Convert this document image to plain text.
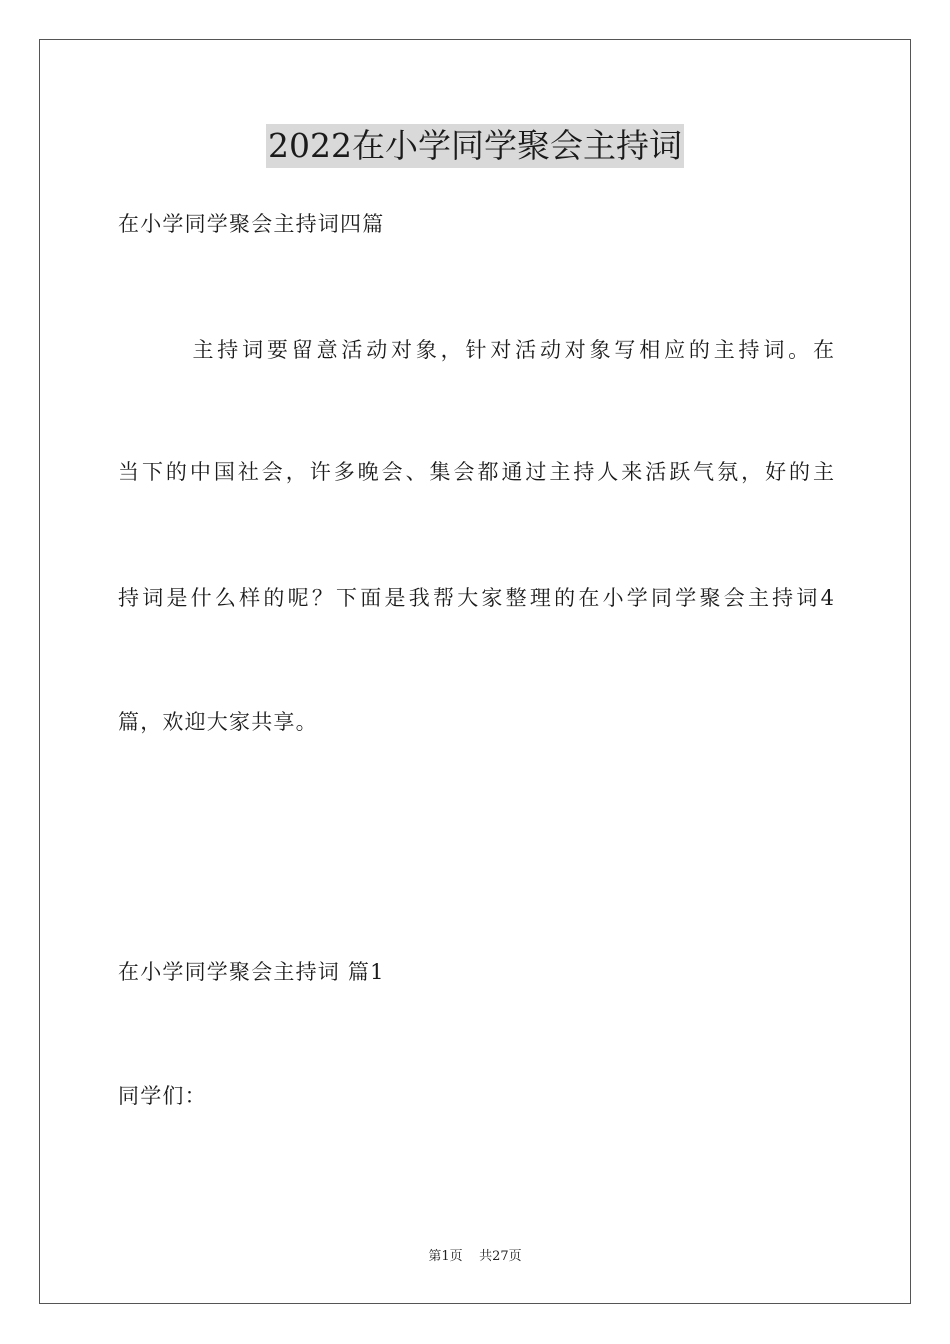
2022在小学同学聚会主持词
在小学同学聚会主持词四篇
　　　主持词要留意活动对象，针对活动对象写相应的主持词。在
当下的中国社会，许多晚会、集会都通过主持人来活跃气氛，好的主
持词是什么样的呢？下面是我帮大家整理的在小学同学聚会主持词4
篇，欢迎大家共享。
在小学同学聚会主持词 篇1
同学们：
第1页 共27页
